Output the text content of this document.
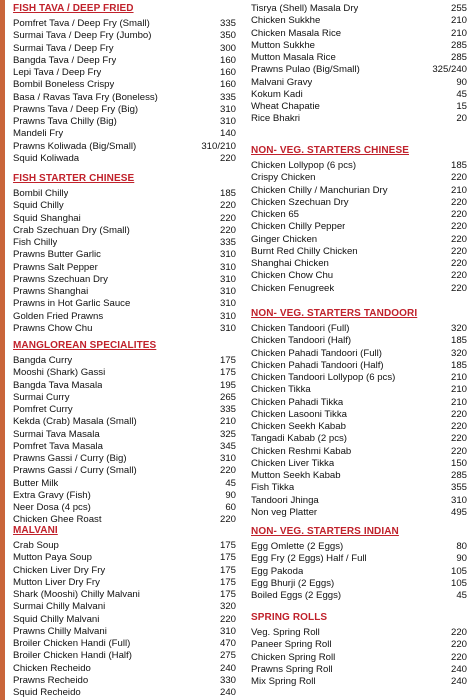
FISH TAVA / DEEP FRIED
Pomfret Tava / Deep Fry (Small)	335
Surmai Tava / Deep Fry (Jumbo)	350
Surmai Tava / Deep Fry	300
Bangda Tava / Deep Fry	160
Lepi Tava / Deep Fry	160
Bombil Boneless Crispy	160
Basa / Ravas Tava Fry (Boneless)	335
Prawns Tava / Deep Fry (Big)	310
Prawns Tava Chilly (Big)	310
Mandeli Fry	140
Prawns Koliwada (Big/Small)	310/210
Squid Koliwada	220
FISH STARTER CHINESE
Bombil Chilly	185
Squid Chilly	220
Squid Shanghai	220
Crab Szechuan Dry (Small)	220
Fish Chilly	335
Prawns Butter Garlic	310
Prawns Salt Pepper	310
Prawns Szechuan Dry	310
Prawns Shanghai	310
Prawns in Hot Garlic Sauce	310
Golden Fried Prawns	310
Prawns Chow Chu	310
MANGLOREAN SPECIALITES
Bangda Curry	175
Mooshi (Shark) Gassi	175
Bangda Tava Masala	195
Surmai Curry	265
Pomfret Curry	335
Kekda (Crab) Masala (Small)	210
Surmai Tava Masala	325
Pomfret Tava Masala	345
Prawns Gassi / Curry (Big)	310
Prawns Gassi / Curry (Small)	220
Butter Milk	45
Extra Gravy (Fish)	90
Neer Dosa (4 pcs)	60
Chicken Ghee Roast	220
MALVANI
Crab Soup	175
Mutton Paya Soup	175
Chicken Liver Dry Fry	175
Mutton Liver Dry Fry	175
Shark (Mooshi) Chilly Malvani	175
Surmai Chilly Malvani	320
Squid Chilly Malvani	220
Prawns Chilly Malvani	310
Broiler Chicken Handi (Full)	470
Broiler Chicken Handi (Half)	275
Chicken Recheido	240
Prawns Recheido	330
Squid Recheido	240
Tisrya (Shell) Masala Dry	255
Chicken Sukkhe	210
Chicken Masala Rice	210
Mutton Sukkhe	285
Mutton Masala Rice	285
Prawns Pulao (Big/Small)	325/240
Malvani Gravy	90
Kokum Kadi	45
Wheat Chapatie	15
Rice Bhakri	20
NON- VEG. STARTERS CHINESE
Chicken Lollypop (6 pcs)	185
Crispy Chicken	220
Chicken Chilly / Manchurian Dry	210
Chicken Szechuan Dry	220
Chicken 65	220
Chicken Chilly Pepper	220
Ginger Chicken	220
Burnt Red Chilly Chicken	220
Shanghai Chicken	220
Chicken Chow Chu	220
Chicken Fenugreek	220
NON- VEG. STARTERS TANDOORI
Chicken Tandoori (Full)	320
Chicken Tandoori (Half)	185
Chicken Pahadi Tandoori (Full)	320
Chicken Pahadi Tandoori (Half)	185
Chicken Tandoori Lollypop (6 pcs)	210
Chicken Tikka	210
Chicken Pahadi Tikka	210
Chicken Lasooni Tikka	220
Chicken Seekh Kabab	220
Tangadi Kabab (2 pcs)	220
Chicken Reshmi Kabab	220
Chicken Liver Tikka	150
Mutton Seekh Kabab	285
Fish Tikka	355
Tandoori Jhinga	310
Non veg Platter	495
NON- VEG. STARTERS INDIAN
Egg Omlette (2 Eggs)	80
Egg Fry (2 Eggs) Half / Full	90
Egg Pakoda	105
Egg Bhurji (2 Eggs)	105
Boiled Eggs (2 Eggs)	45
SPRING ROLLS
Veg. Spring Roll	220
Paneer Spring Roll	220
Chicken Spring Roll	220
Prawns Spring Roll	240
Mix Spring Roll	240
